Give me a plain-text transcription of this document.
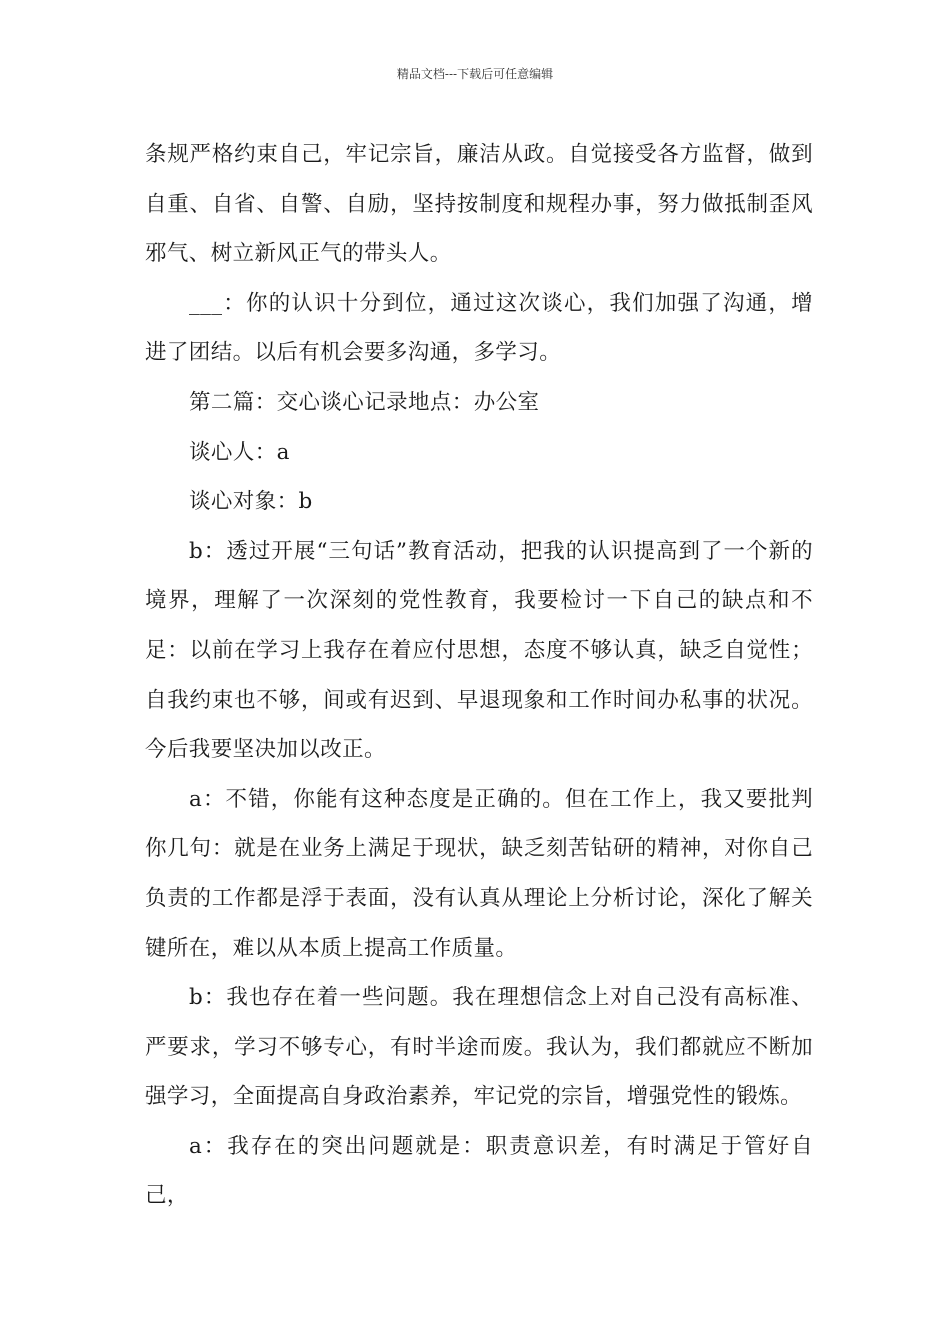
精品文档---下载后可任意编辑

条规严格约束自己，牢记宗旨，廉洁从政。自觉接受各方监督，做到自重、自省、自警、自励，坚持按制度和规程办事，努力做抵制歪风邪气、树立新风正气的带头人。

___：你的认识十分到位，通过这次谈心，我们加强了沟通，增进了团结。以后有机会要多沟通，多学习。

第二篇：交心谈心记录地点：办公室

谈心人：a

谈心对象：b

b：透过开展“三句话”教育活动，把我的认识提高到了一个新的境界，理解了一次深刻的党性教育，我要检讨一下自己的缺点和不足：以前在学习上我存在着应付思想，态度不够认真，缺乏自觉性；自我约束也不够，间或有迟到、早退现象和工作时间办私事的状况。今后我要坚决加以改正。

a：不错，你能有这种态度是正确的。但在工作上，我又要批判你几句：就是在业务上满足于现状，缺乏刻苦钻研的精神，对你自己负责的工作都是浮于表面，没有认真从理论上分析讨论，深化了解关键所在，难以从本质上提高工作质量。

b：我也存在着一些问题。我在理想信念上对自己没有高标准、严要求，学习不够专心，有时半途而废。我认为，我们都就应不断加强学习，全面提高自身政治素养，牢记党的宗旨，增强党性的锻炼。

a：我存在的突出问题就是：职责意识差，有时满足于管好自己，
